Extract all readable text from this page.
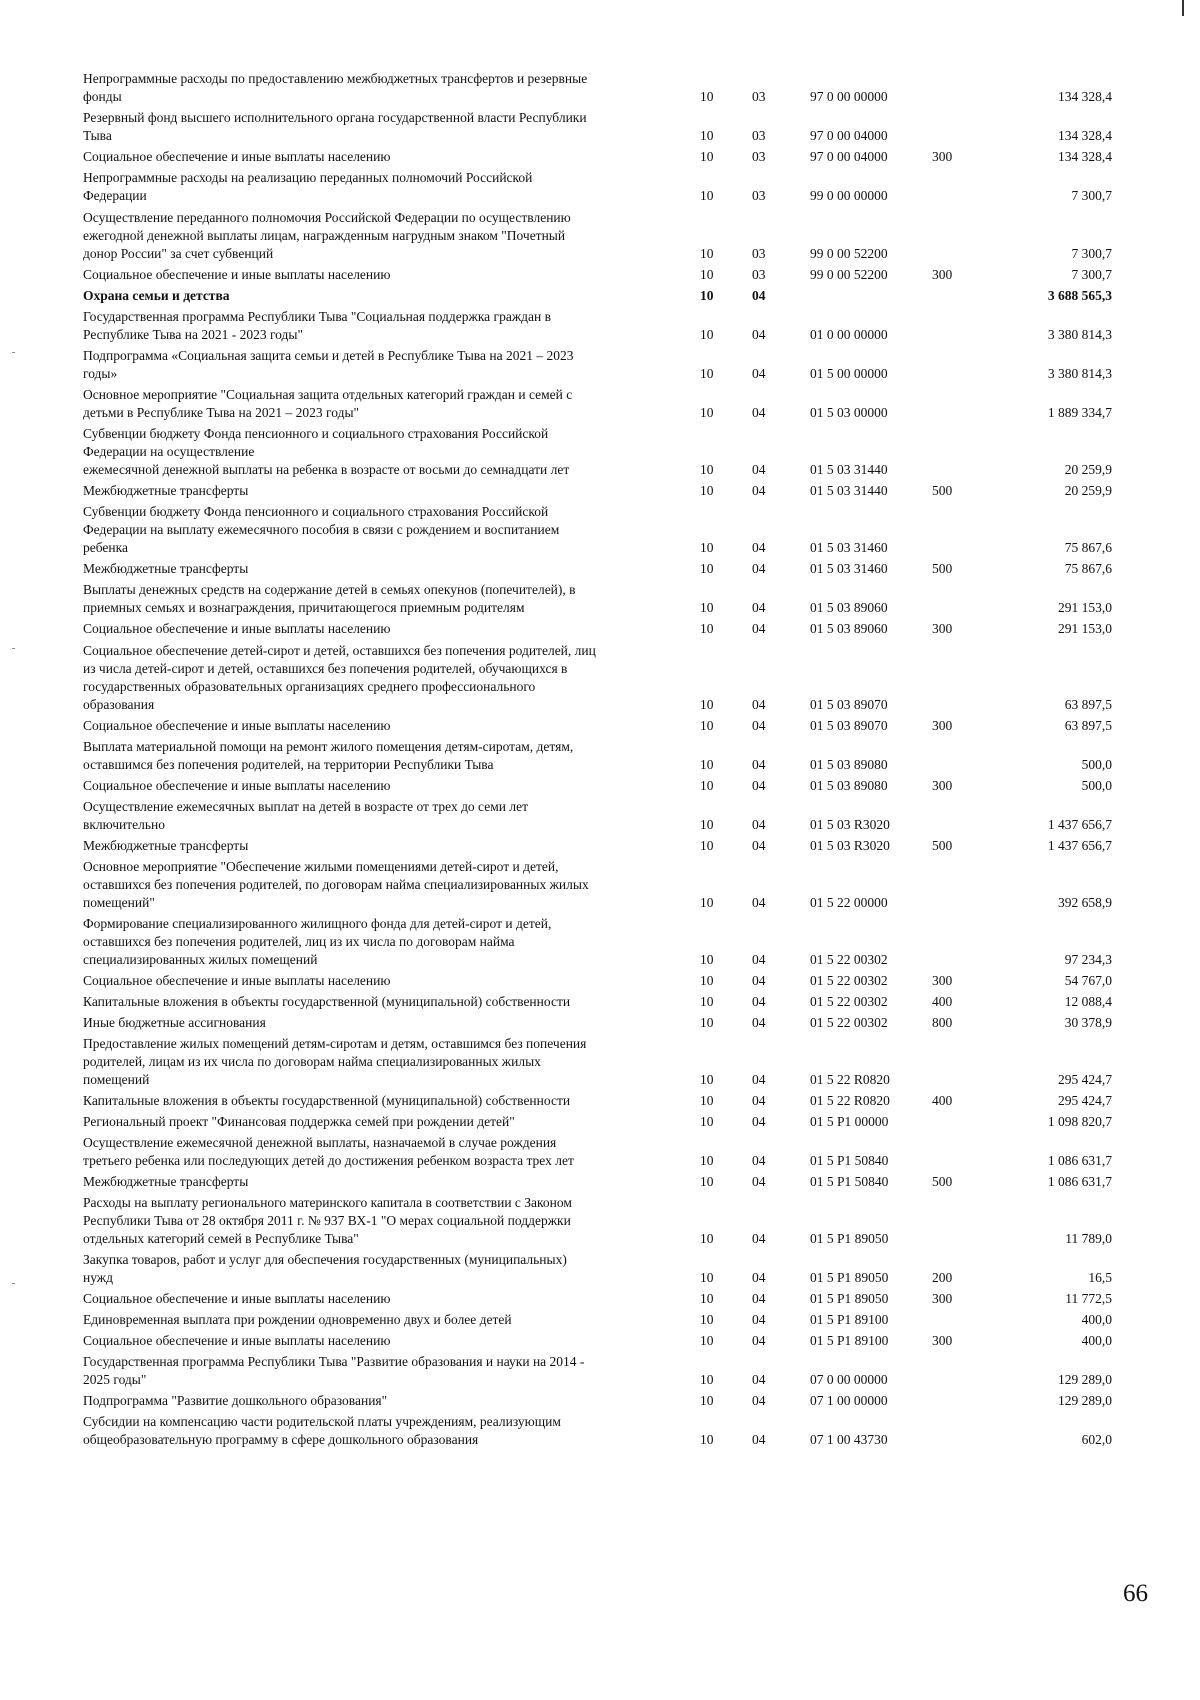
Непрограммные расходы по предоставлению межбюджетных трансфертов и резервные
фонды	10	03	97 0 00 00000	134 328,4
Резервный фонд высшего исполнительного органа государственной власти Республики
Тыва	10	03	97 0 00 04000	134 328,4
Социальное обеспечение и иные выплаты населению	10	03	97 0 00 04000	300	134 328,4
Непрограммные расходы на реализацию переданных полномочий Российской
Федерации	10	03	99 0 00 00000	7 300,7
Осуществление переданного полномочия Российской Федерации по осуществлению
ежегодной денежной выплаты лицам, награжденным нагрудным знаком "Почетный
донор России" за счет субвенций	10	03	99 0 00 52200	7 300,7
Социальное обеспечение и иные выплаты населению	10	03	99 0 00 52200	300	7 300,7
Охрана семьи и детства	10	04	3 688 565,3
Государственная программа Республики Тыва "Социальная поддержка граждан в
Республике Тыва на 2021 - 2023 годы"	10	04	01 0 00 00000	3 380 814,3
Подпрограмма «Социальная защита семьи и детей в Республике Тыва на 2021 – 2023
годы»	10	04	01 5 00 00000	3 380 814,3
Основное мероприятие "Социальная защита отдельных категорий граждан и семей с
детьми в Республике Тыва на 2021 – 2023 годы"	10	04	01 5 03 00000	1 889 334,7
Субвенции бюджету Фонда пенсионного и социального страхования Российской
Федерации на осуществление
ежемесячной денежной выплаты на ребенка в возрасте от восьми до семнадцати лет	10	04	01 5 03 31440	20 259,9
Межбюджетные трансферты	10	04	01 5 03 31440	500	20 259,9
Субвенции бюджету Фонда пенсионного и социального страхования Российской
Федерации на выплату ежемесячного пособия в связи с рождением и воспитанием
ребенка	10	04	01 5 03 31460	75 867,6
Межбюджетные трансферты	10	04	01 5 03 31460	500	75 867,6
Выплаты денежных средств на содержание детей в семьях опекунов (попечителей), в
приемных семьях и вознаграждения, причитающегося приемным родителям	10	04	01 5 03 89060	291 153,0
Социальное обеспечение и иные выплаты населению	10	04	01 5 03 89060	300	291 153,0
Социальное обеспечение детей-сирот и детей, оставшихся без попечения родителей, лиц
из числа детей-сирот и детей, оставшихся без попечения родителей, обучающихся в
государственных образовательных организациях среднего профессионального
образования	10	04	01 5 03 89070	63 897,5
Социальное обеспечение и иные выплаты населению	10	04	01 5 03 89070	300	63 897,5
Выплата материальной помощи на ремонт жилого помещения детям-сиротам, детям,
оставшимся без попечения родителей, на территории Республики Тыва	10	04	01 5 03 89080	500,0
Социальное обеспечение и иные выплаты населению	10	04	01 5 03 89080	300	500,0
Осуществление ежемесячных выплат на детей в возрасте от трех до семи лет
включительно	10	04	01 5 03 R3020	1 437 656,7
Межбюджетные трансферты	10	04	01 5 03 R3020	500	1 437 656,7
Основное мероприятие "Обеспечение жилыми помещениями детей-сирот и детей,
оставшихся без попечения родителей, по договорам найма специализированных жилых
помещений"	10	04	01 5 22 00000	392 658,9
Формирование специализированного жилищного фонда для детей-сирот и детей,
оставшихся без попечения родителей, лиц из их числа по договорам найма
специализированных жилых помещений	10	04	01 5 22 00302	97 234,3
Социальное обеспечение и иные выплаты населению	10	04	01 5 22 00302	300	54 767,0
Капитальные вложения в объекты государственной (муниципальной) собственности	10	04	01 5 22 00302	400	12 088,4
Иные бюджетные ассигнования	10	04	01 5 22 00302	800	30 378,9
Предоставление жилых помещений детям-сиротам и детям, оставшимся без попечения
родителей, лицам из их числа по договорам найма специализированных жилых
помещений	10	04	01 5 22 R0820	295 424,7
Капитальные вложения в объекты государственной (муниципальной) собственности	10	04	01 5 22 R0820	400	295 424,7
Региональный проект "Финансовая поддержка семей при рождении детей"	10	04	01 5 P1 00000	1 098 820,7
Осуществление ежемесячной денежной выплаты, назначаемой в случае рождения
третьего ребенка или последующих детей до достижения ребенком возраста трех лет	10	04	01 5 P1 50840	1 086 631,7
Межбюджетные трансферты	10	04	01 5 P1 50840	500	1 086 631,7
Расходы на выплату регионального материнского капитала в соответствии с Законом
Республики Тыва от 28 октября 2011 г. № 937 ВХ-1 "О мерах социальной поддержки
отдельных категорий семей в Республике Тыва"	10	04	01 5 P1 89050	11 789,0
Закупка товаров, работ и услуг для обеспечения государственных (муниципальных)
нужд	10	04	01 5 P1 89050	200	16,5
Социальное обеспечение и иные выплаты населению	10	04	01 5 P1 89050	300	11 772,5
Единовременная выплата при рождении одновременно двух и более детей	10	04	01 5 P1 89100	400,0
Социальное обеспечение и иные выплаты населению	10	04	01 5 P1 89100	300	400,0
Государственная программа Республики Тыва "Развитие образования и науки на 2014 -
2025 годы"	10	04	07 0 00 00000	129 289,0
Подпрограмма "Развитие дошкольного образования"	10	04	07 1 00 00000	129 289,0
Субсидии на компенсацию части родительской платы учреждениям, реализующим
общеобразовательную программу в сфере дошкольного образования	10	04	07 1 00 43730	602,0
66
